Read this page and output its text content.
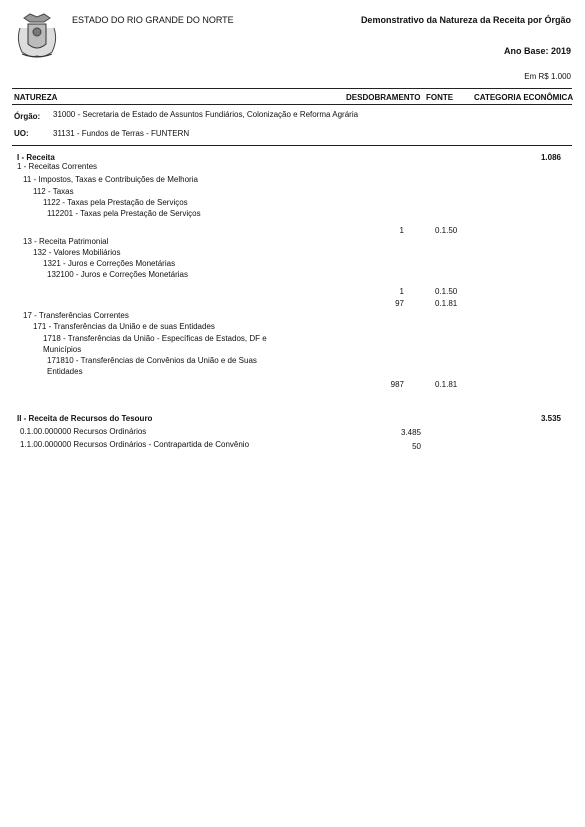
ESTADO DO RIO GRANDE DO NORTE	Demonstrativo da Natureza da Receita por Órgão
Ano Base: 2019
Em R$ 1.000
NATUREZA	DESDOBRAMENTO FONTE	CATEGORIA ECONÔMICA
Órgão: 31000 - Secretaria de Estado de Assuntos Fundiários, Colonização e Reforma Agrária
UO:	31131 - Fundos de Terras - FUNTERN
I - Receita	1.086
1 - Receitas Correntes
11 - Impostos, Taxas e Contribuições de Melhoria
112 - Taxas
1122 - Taxas pela Prestação de Serviços
112201 - Taxas pela Prestação de Serviços
1	0.1.50
13 - Receita Patrimonial
132 - Valores Mobiliários
1321 - Juros e Correções Monetárias
132100 - Juros e Correções Monetárias
1	0.1.50
97	0.1.81
17 - Transferências Correntes
171 - Transferências da União e de suas Entidades
1718 - Transferências da União - Específicas de Estados, DF e
Municípios
171810 - Transferências de Convênios da União e de Suas
Entidades
987	0.1.81
II - Receita de Recursos do Tesouro	3.535
0.1.00.000000 Recursos Ordinários	3.485
1.1.00.000000 Recursos Ordinários - Contrapartida de Convênio	50
